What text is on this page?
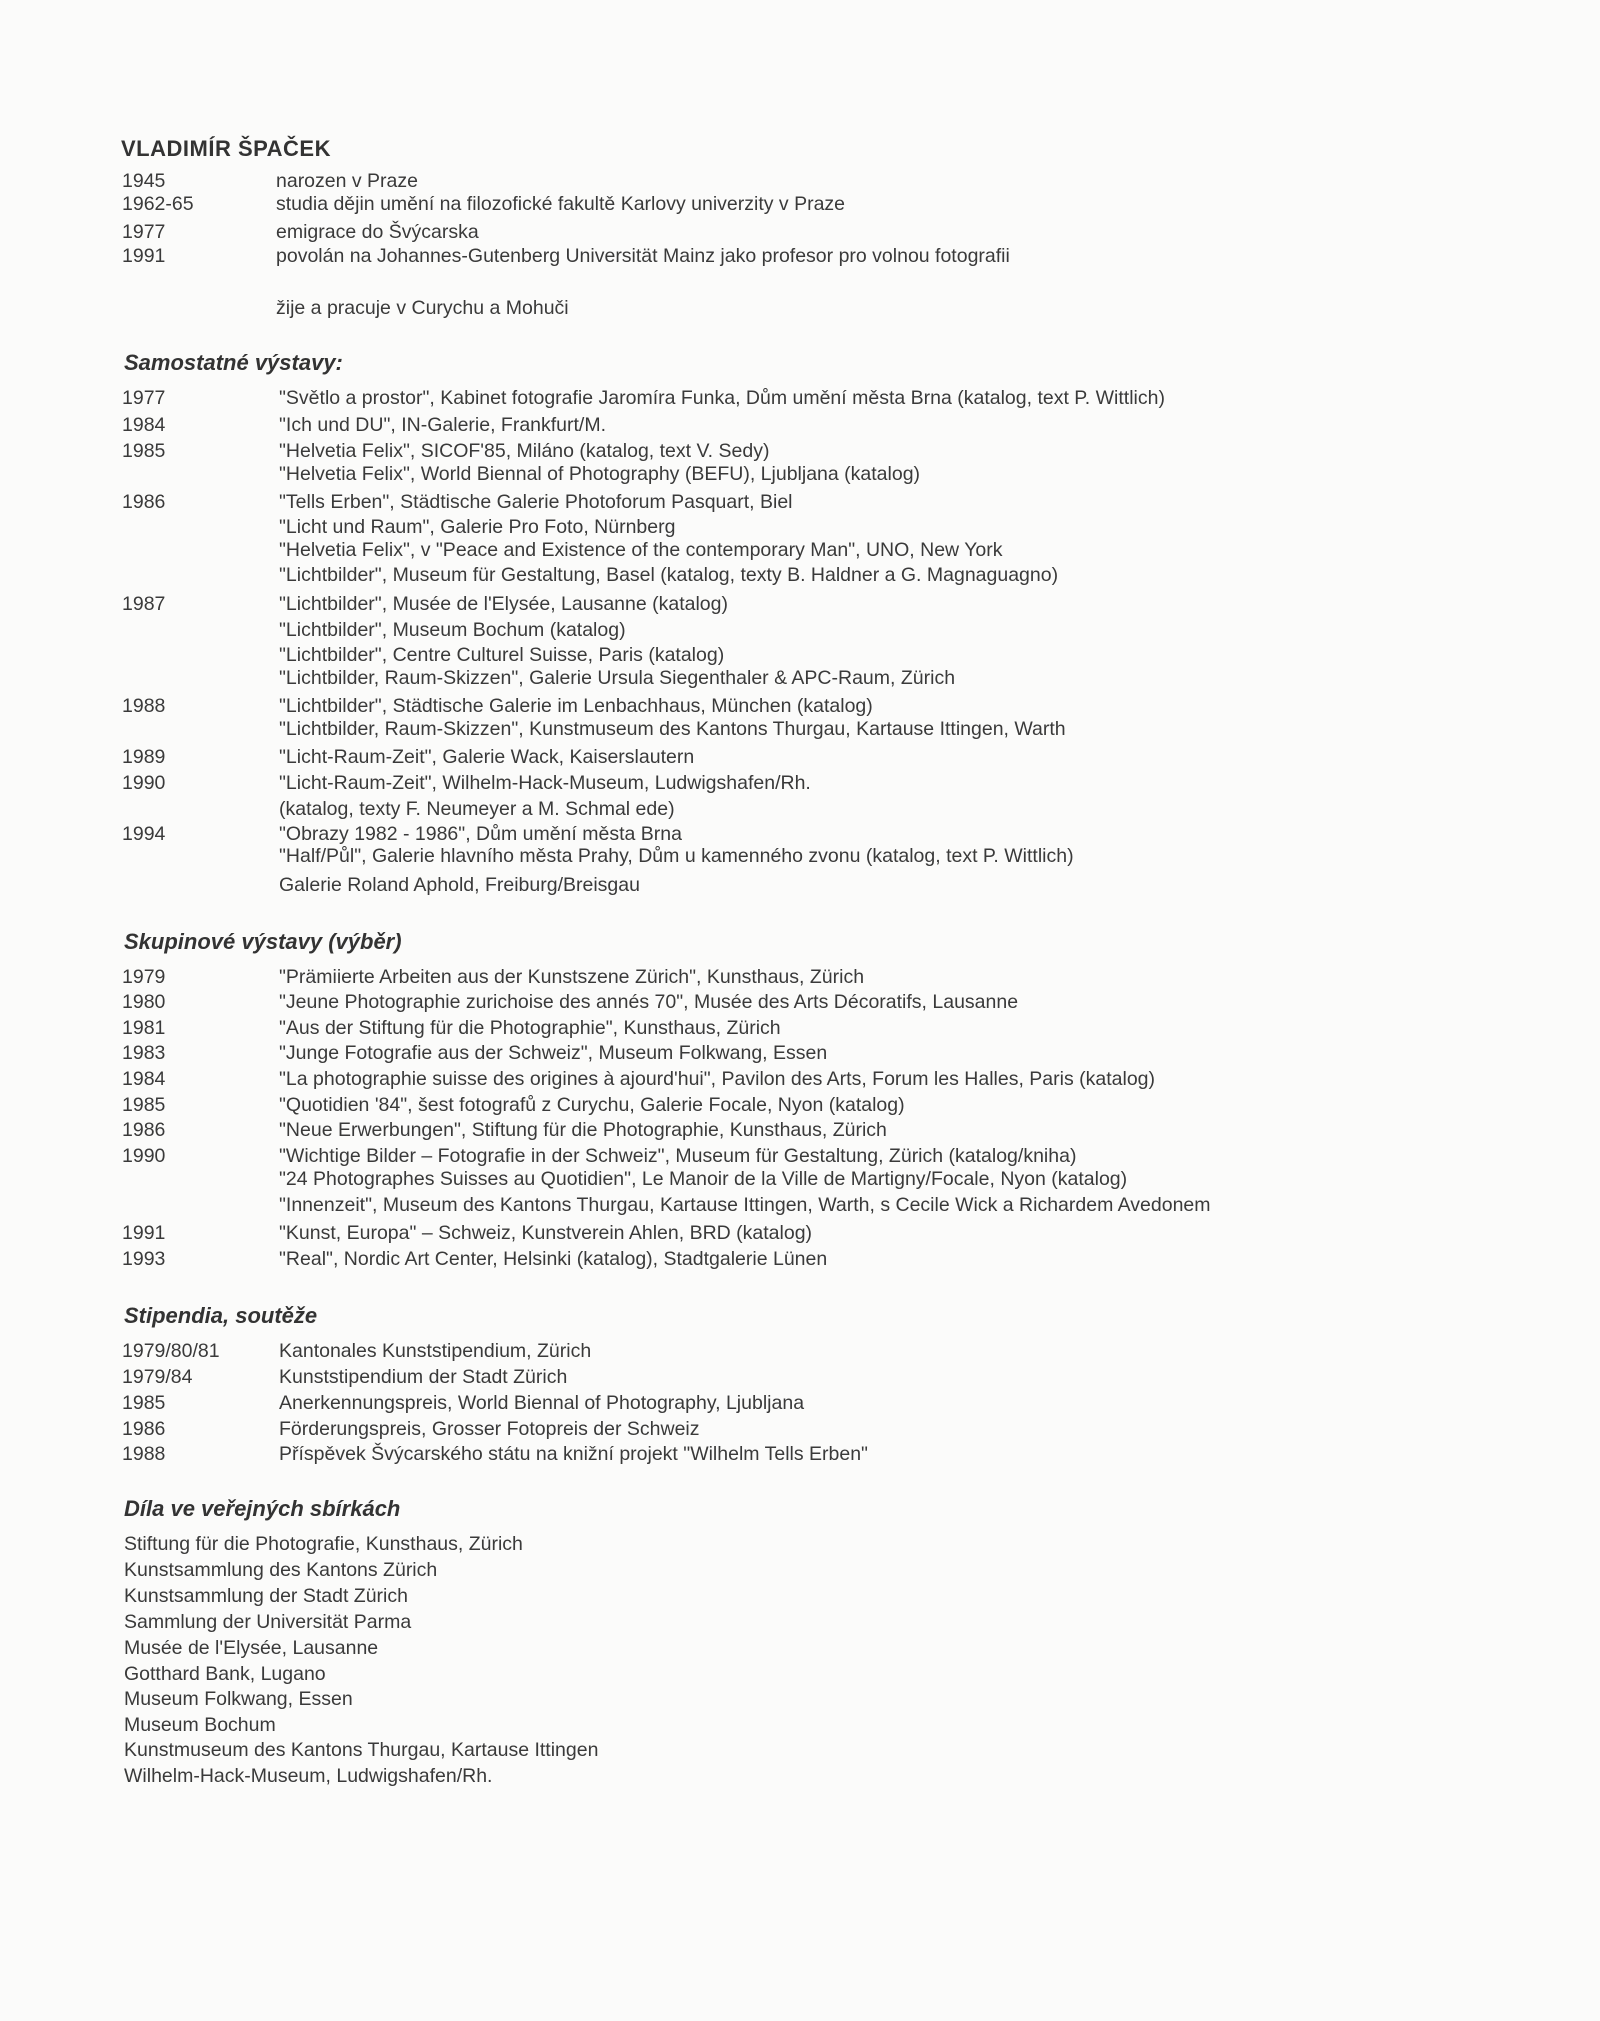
VLADIMÍR ŠPAČEK
1945	narozen v Praze
1962-65	studia dějin umění na filozofické fakultě Karlovy univerzity v Praze
1977	emigrace do Švýcarska
1991	povolán na Johannes-Gutenberg Universität Mainz jako profesor pro volnou fotografii
žije a pracuje v Curychu a Mohuči
Samostatné výstavy:
1977	"Světlo a prostor", Kabinet fotografie Jaromíra Funka, Dům umění města Brna (katalog, text P. Wittlich)
1984	"Ich und DU", IN-Galerie, Frankfurt/M.
1985	"Helvetia Felix", SICOF'85, Miláno (katalog, text V. Sedy)
"Helvetia Felix", World Biennal of Photography (BEFU), Ljubljana (katalog)
1986	"Tells Erben", Städtische Galerie Photoforum Pasquart, Biel
"Licht und Raum", Galerie Pro Foto, Nürnberg
"Helvetia Felix", v "Peace and Existence of the contemporary Man", UNO, New York
"Lichtbilder", Museum für Gestaltung, Basel (katalog, texty B. Haldner a G. Magnaguagno)
1987	"Lichtbilder", Musée de l'Elysée, Lausanne (katalog)
"Lichtbilder", Museum Bochum (katalog)
"Lichtbilder", Centre Culturel Suisse, Paris (katalog)
"Lichtbilder, Raum-Skizzen", Galerie Ursula Siegenthaler & APC-Raum, Zürich
1988	"Lichtbilder", Städtische Galerie im Lenbachhaus, München (katalog)
"Lichtbilder, Raum-Skizzen", Kunstmuseum des Kantons Thurgau, Kartause Ittingen, Warth
1989	"Licht-Raum-Zeit", Galerie Wack, Kaiserslautern
1990	"Licht-Raum-Zeit", Wilhelm-Hack-Museum, Ludwigshafen/Rh.
(katalog, texty F. Neumeyer a M. Schmal ede)
1994	"Obrazy 1982 - 1986", Dům umění města Brna
"Half/Půl", Galerie hlavního města Prahy, Dům u kamenného zvonu (katalog, text P. Wittlich)
Galerie Roland Aphold, Freiburg/Breisgau
Skupinové výstavy (výběr)
1979	"Prämiierte Arbeiten aus der Kunstszene Zürich", Kunsthaus, Zürich
1980	"Jeune Photographie zurichoise des annés 70", Musée des Arts Décoratifs, Lausanne
1981	"Aus der Stiftung für die Photographie", Kunsthaus, Zürich
1983	"Junge Fotografie aus der Schweiz", Museum Folkwang, Essen
1984	"La photographie suisse des origines à ajourd'hui", Pavilon des Arts, Forum les Halles, Paris (katalog)
1985	"Quotidien '84", šest fotografů z Curychu, Galerie Focale, Nyon (katalog)
1986	"Neue Erwerbungen", Stiftung für die Photographie, Kunsthaus, Zürich
1990	"Wichtige Bilder – Fotografie in der Schweiz", Museum für Gestaltung, Zürich (katalog/kniha)
"24 Photographes Suisses au Quotidien", Le Manoir de la Ville de Martigny/Focale, Nyon (katalog)
"Innenzeit", Museum des Kantons Thurgau, Kartause Ittingen, Warth, s Cecile Wick a Richardem Avedonem
1991	"Kunst, Europa" – Schweiz, Kunstverein Ahlen, BRD (katalog)
1993	"Real", Nordic Art Center, Helsinki (katalog), Stadtgalerie Lünen
Stipendia, soutěže
1979/80/81	Kantonales Kunststipendium, Zürich
1979/84	Kunststipendium der Stadt Zürich
1985	Anerkennungspreis, World Biennal of Photography, Ljubljana
1986	Förderungspreis, Grosser Fotopreis der Schweiz
1988	Příspěvek Švýcarského státu na knižní projekt "Wilhelm Tells Erben"
Díla ve veřejných sbírkách
Stiftung für die Photografie, Kunsthaus, Zürich
Kunstsammlung des Kantons Zürich
Kunstsammlung der Stadt Zürich
Sammlung der Universität Parma
Musée de l'Elysée, Lausanne
Gotthard Bank, Lugano
Museum Folkwang, Essen
Museum Bochum
Kunstmuseum des Kantons Thurgau, Kartause Ittingen
Wilhelm-Hack-Museum, Ludwigshafen/Rh.
